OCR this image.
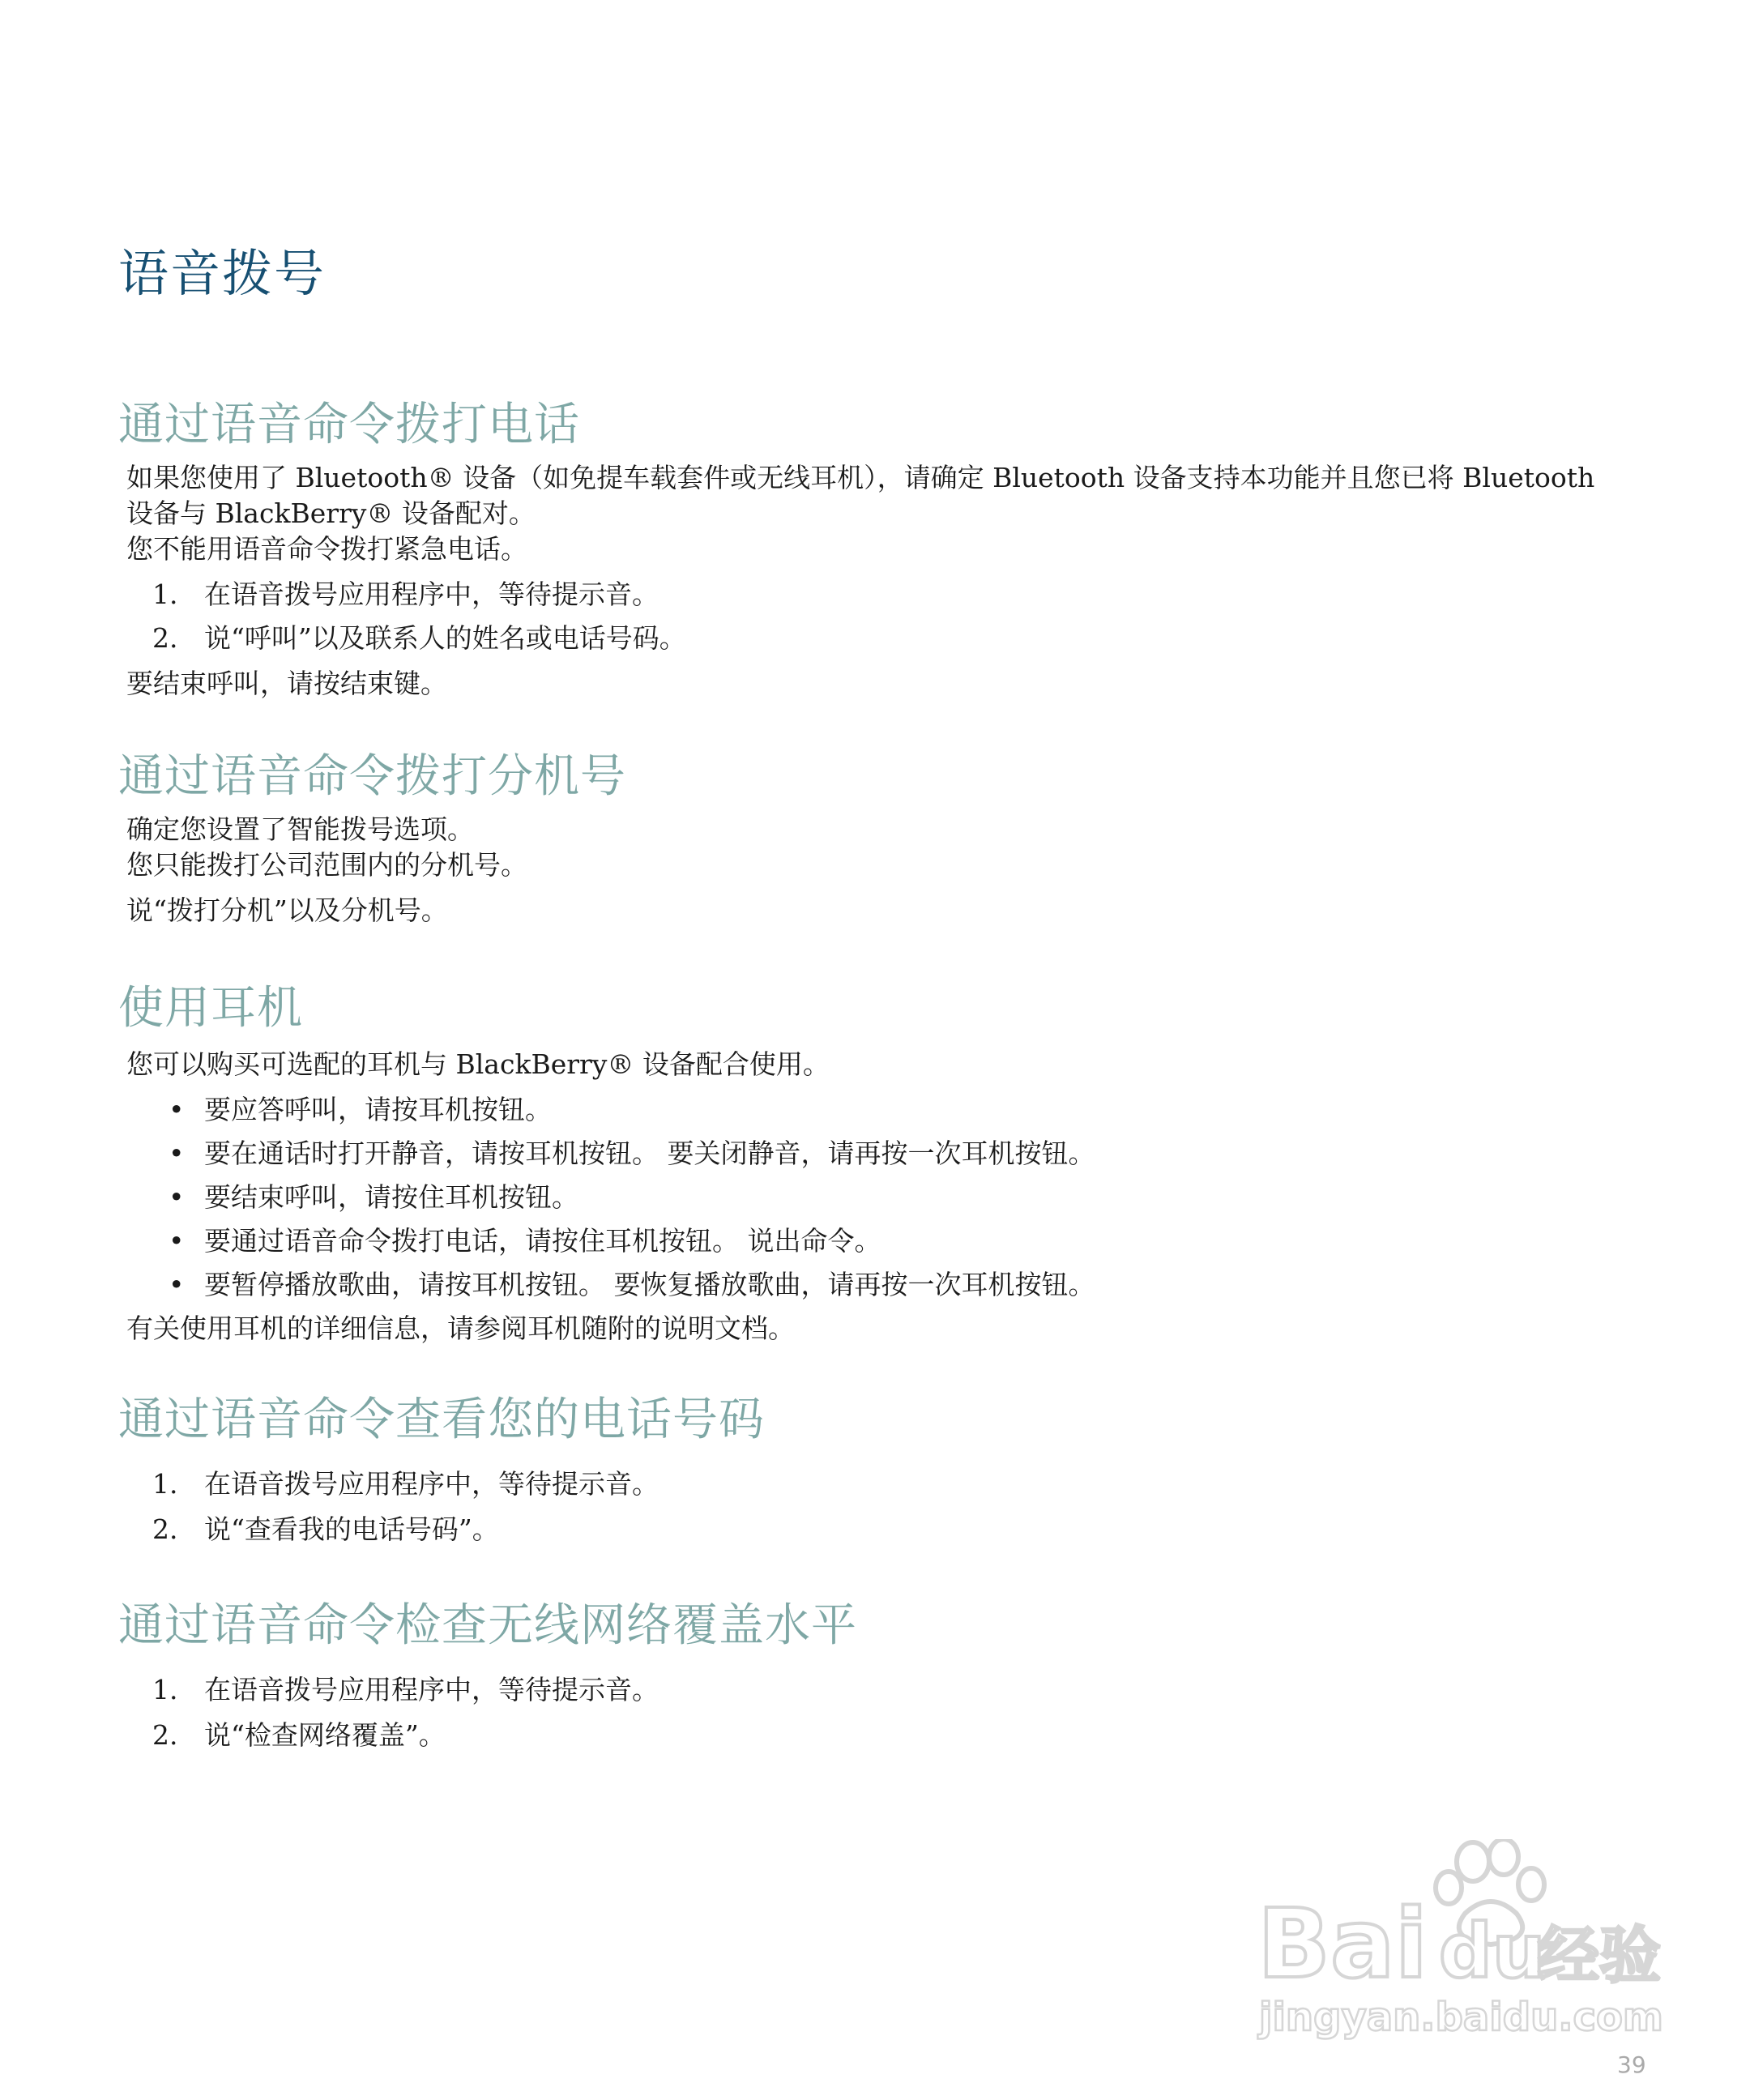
语音拨号
通过语音命令拨打电话
如果您使用了 Bluetooth® 设备（如免提车载套件或无线耳机），请确定 Bluetooth 设备支持本功能并且您已将 Bluetooth
设备与 BlackBerry® 设备配对。
您不能用语音命令拨打紧急电话。
1. 在语音拨号应用程序中，等待提示音。
2. 说“呼叫”以及联系人的姓名或电话号码。
要结束呼叫，请按结束键。
通过语音命令拨打分机号
确定您设置了智能拨号选项。
您只能拨打公司范围内的分机号。
说“拨打分机”以及分机号。
使用耳机
您可以购买可选配的耳机与 BlackBerry® 设备配合使用。
• 要应答呼叫，请按耳机按钮。
• 要在通话时打开静音，请按耳机按钮。 要关闭静音，请再按一次耳机按钮。
• 要结束呼叫，请按住耳机按钮。
• 要通过语音命令拨打电话，请按住耳机按钮。 说出命令。
• 要暂停播放歌曲，请按耳机按钮。 要恢复播放歌曲，请再按一次耳机按钮。
有关使用耳机的详细信息，请参阅耳机随附的说明文档。
通过语音命令查看您的电话号码
1. 在语音拨号应用程序中，等待提示音。
2. 说“查看我的电话号码”。
通过语音命令检查无线网络覆盖水平
1. 在语音拨号应用程序中，等待提示音。
2. 说“检查网络覆盖”。
Bai du
经验
jingyan.baidu.com
39
